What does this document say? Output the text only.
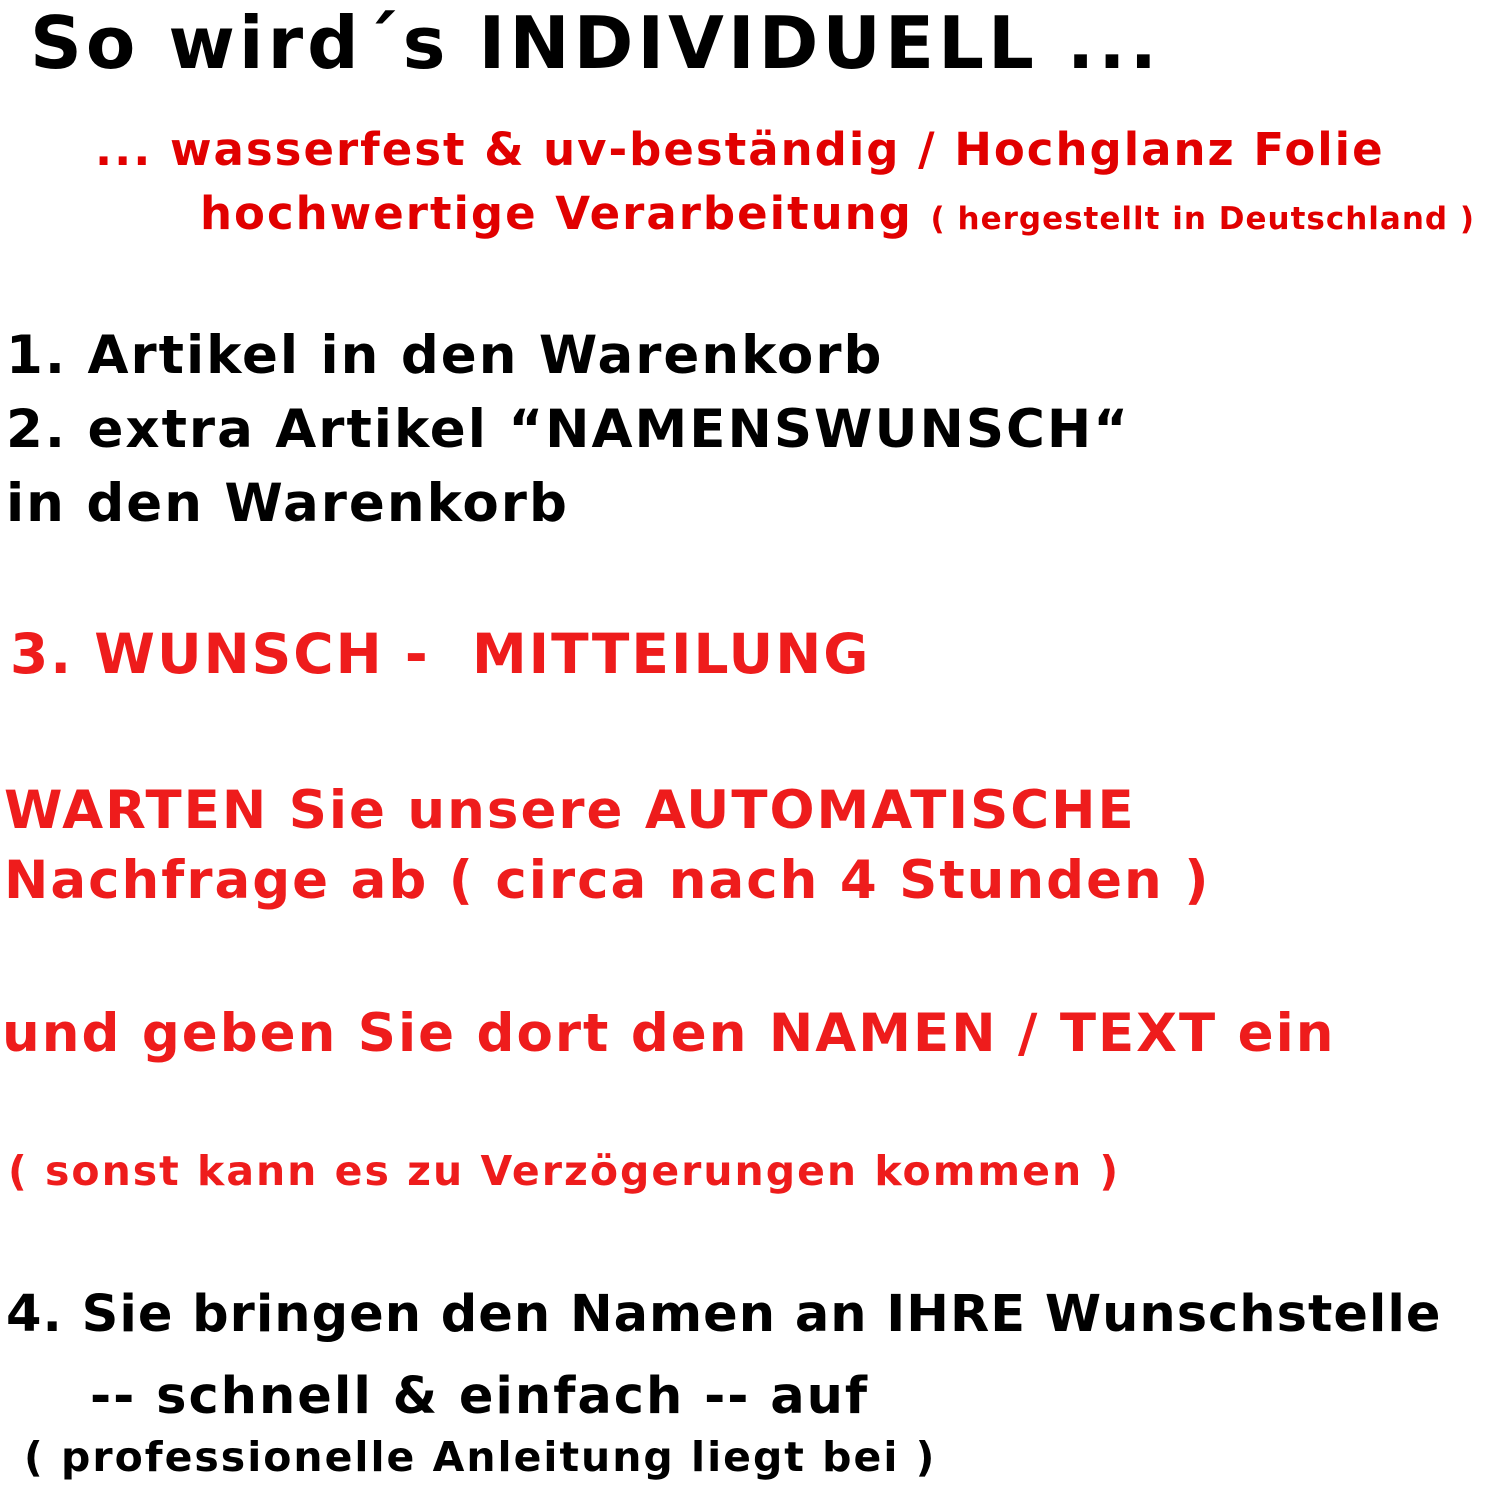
So wird´s INDIVIDUELL ...
... wasserfest & uv-beständig / Hochglanz Folie
hochwertige Verarbeitung ( hergestellt in Deutschland )
1. Artikel in den Warenkorb
2. extra Artikel “NAMENSWUNSCH“
in den Warenkorb
3. WUNSCH -  MITTEILUNG
WARTEN Sie unsere AUTOMATISCHE
Nachfrage ab ( circa nach 4 Stunden )
und geben Sie dort den NAMEN / TEXT ein
( sonst kann es zu Verzögerungen kommen )
4. Sie bringen den Namen an IHRE Wunschstelle
-- schnell & einfach -- auf
( professionelle Anleitung liegt bei )
